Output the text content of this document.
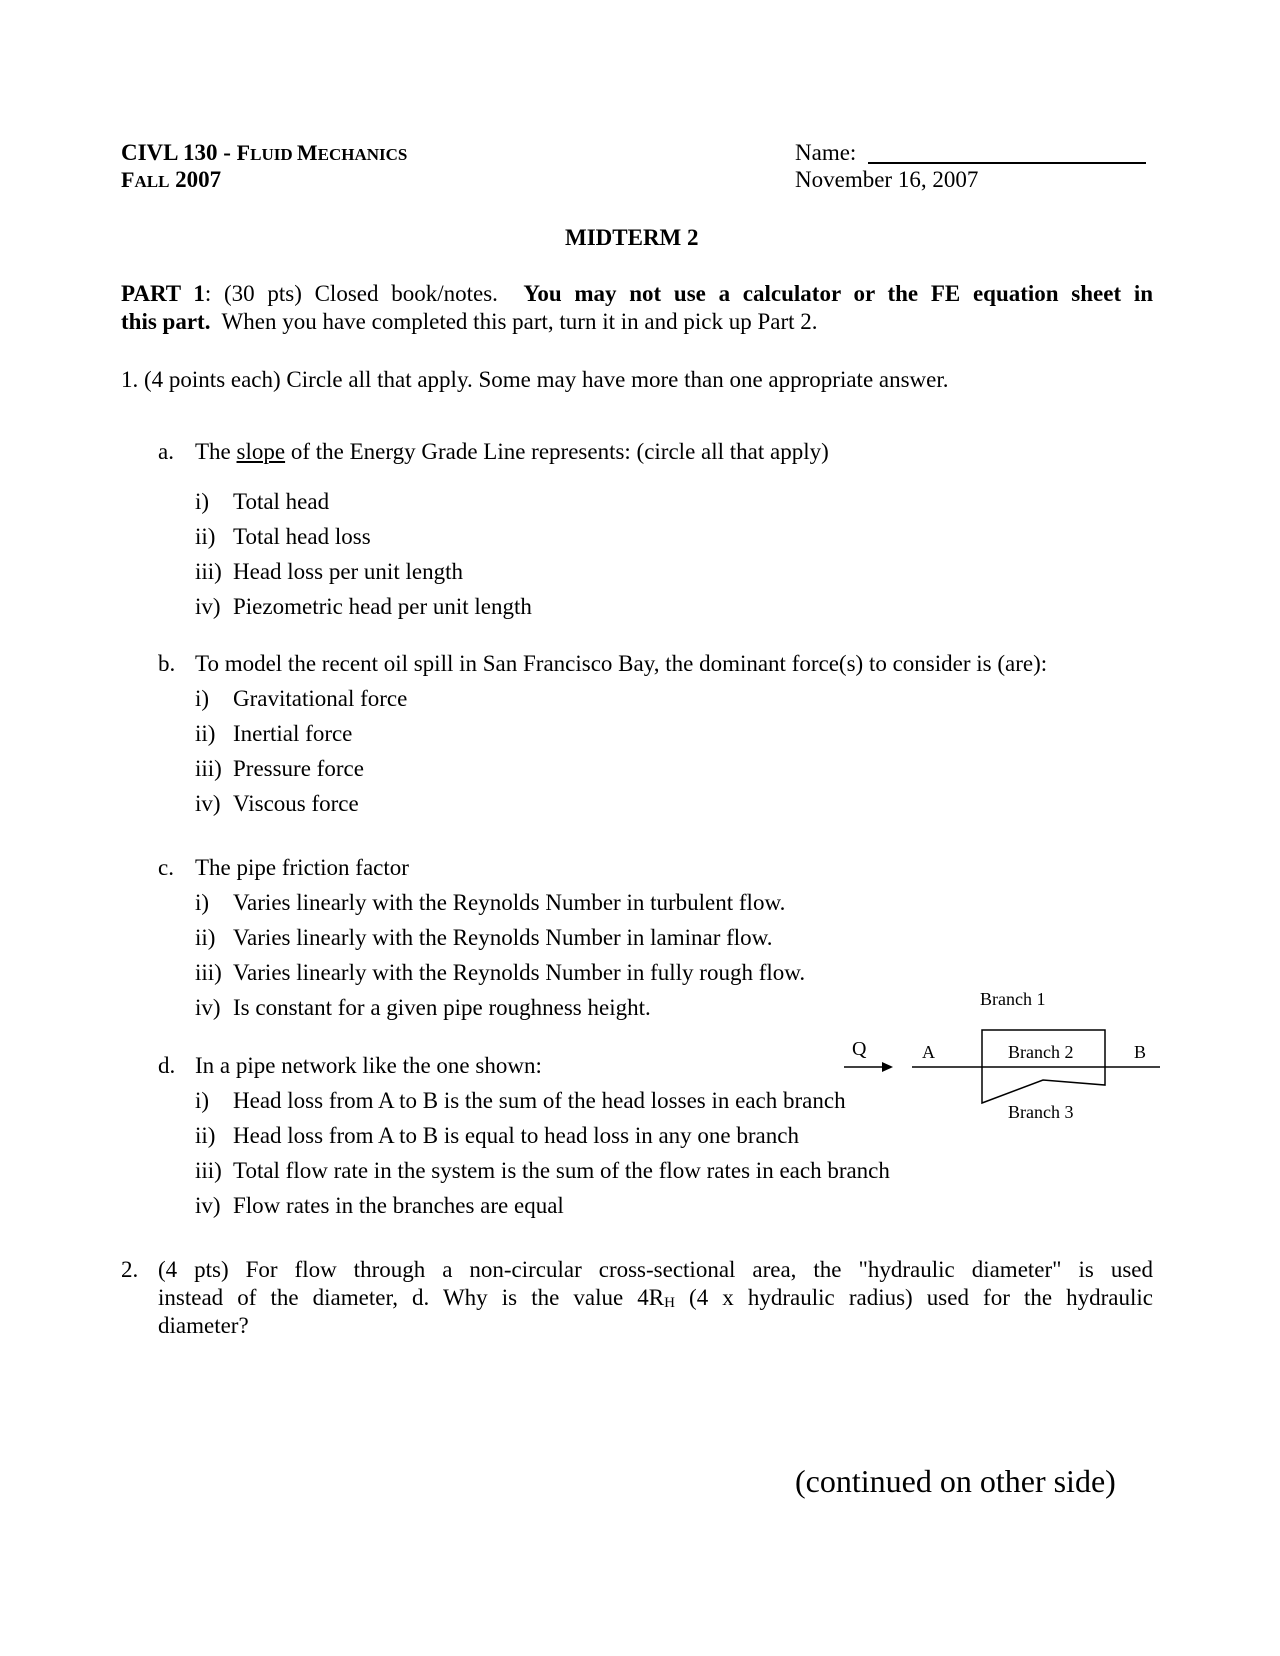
CIVL 130 - FLUID MECHANICS
FALL 2007
Name:
November 16, 2007
MIDTERM 2
PART 1: (30 pts) Closed book/notes. You may not use a calculator or the FE equation sheet in
this part. When you have completed this part, turn it in and pick up Part 2.
1. (4 points each) Circle all that apply. Some may have more than one appropriate answer.
a. The slope of the Energy Grade Line represents: (circle all that apply)
i) Total head
ii) Total head loss
iii) Head loss per unit length
iv) Piezometric head per unit length
b. To model the recent oil spill in San Francisco Bay, the dominant force(s) to consider is (are):
i) Gravitational force
ii) Inertial force
iii) Pressure force
iv) Viscous force
c. The pipe friction factor
i) Varies linearly with the Reynolds Number in turbulent flow.
ii) Varies linearly with the Reynolds Number in laminar flow.
iii) Varies linearly with the Reynolds Number in fully rough flow.
iv) Is constant for a given pipe roughness height.
d. In a pipe network like the one shown:
i) Head loss from A to B is the sum of the head losses in each branch
ii) Head loss from A to B is equal to head loss in any one branch
iii) Total flow rate in the system is the sum of the flow rates in each branch
iv) Flow rates in the branches are equal
Branch 1
Q	A	B
Branch 2
Branch 3
2. (4 pts) For flow through a non-circular cross-sectional area, the "hydraulic diameter" is used
instead of the diameter, d. Why is the value $4R_H$ (4 x hydraulic radius) used for the hydraulic
diameter?
(continued on other side)
